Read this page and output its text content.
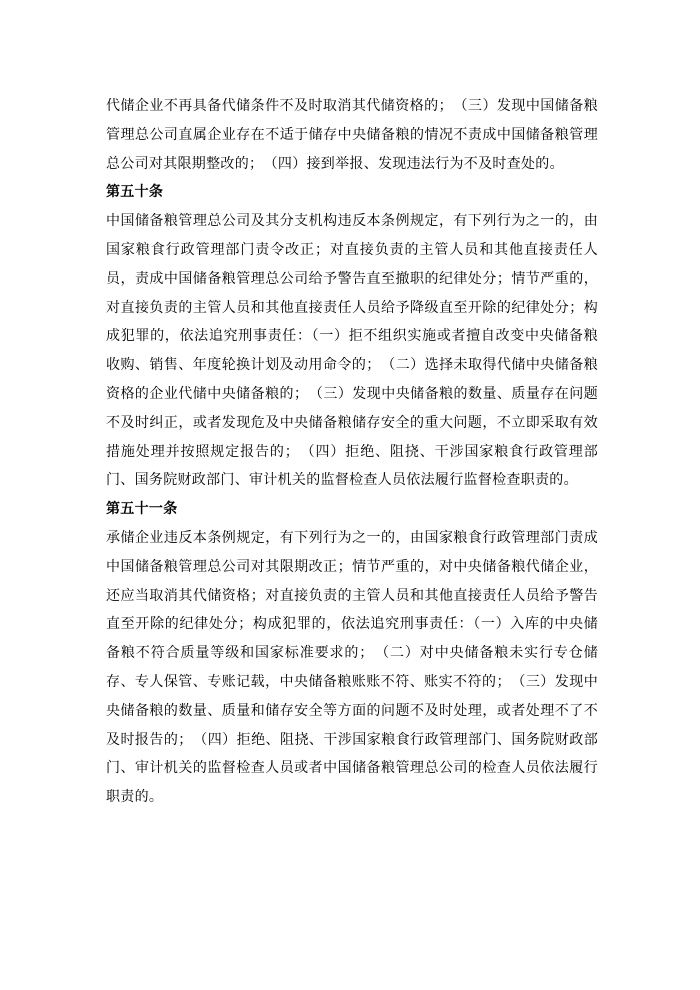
代储企业不再具备代储条件不及时取消其代储资格的；　（三）发现中国储备粮管理总公司直属企业存在不适于储存中央储备粮的情况不责成中国储备粮管理总公司对其限期整改的；　（四）接到举报、发现违法行为不及时查处的。

第五十条

中国储备粮管理总公司及其分支机构违反本条例规定，有下列行为之一的，由国家粮食行政管理部门责令改正；对直接负责的主管人员和其他直接责任人员，责成中国储备粮管理总公司给予警告直至撤职的纪律处分；情节严重的，对直接负责的主管人员和其他直接责任人员给予降级直至开除的纪律处分；构成犯罪的，依法追究刑事责任：（一）拒不组织实施或者擅自改变中央储备粮收购、销售、年度轮换计划及动用命令的；　（二）选择未取得代储中央储备粮资格的企业代储中央储备粮的；　（三）发现中央储备粮的数量、质量存在问题不及时纠正，或者发现危及中央储备粮储存安全的重大问题，不立即采取有效措施处理并按照规定报告的；　（四）拒绝、阻挠、干涉国家粮食行政管理部门、国务院财政部门、审计机关的监督检查人员依法履行监督检查职责的。

第五十一条

承储企业违反本条例规定，有下列行为之一的，由国家粮食行政管理部门责成中国储备粮管理总公司对其限期改正；情节严重的，对中央储备粮代储企业，还应当取消其代储资格；对直接负责的主管人员和其他直接责任人员给予警告直至开除的纪律处分；构成犯罪的，依法追究刑事责任：（一）入库的中央储备粮不符合质量等级和国家标准要求的；　（二）对中央储备粮未实行专仓储存、专人保管、专账记载，中央储备粮账账不符、账实不符的；　（三）发现中央储备粮的数量、质量和储存安全等方面的问题不及时处理，或者处理不了不及时报告的；　（四）拒绝、阻挠、干涉国家粮食行政管理部门、国务院财政部门、审计机关的监督检查人员或者中国储备粮管理总公司的检查人员依法履行职责的。
